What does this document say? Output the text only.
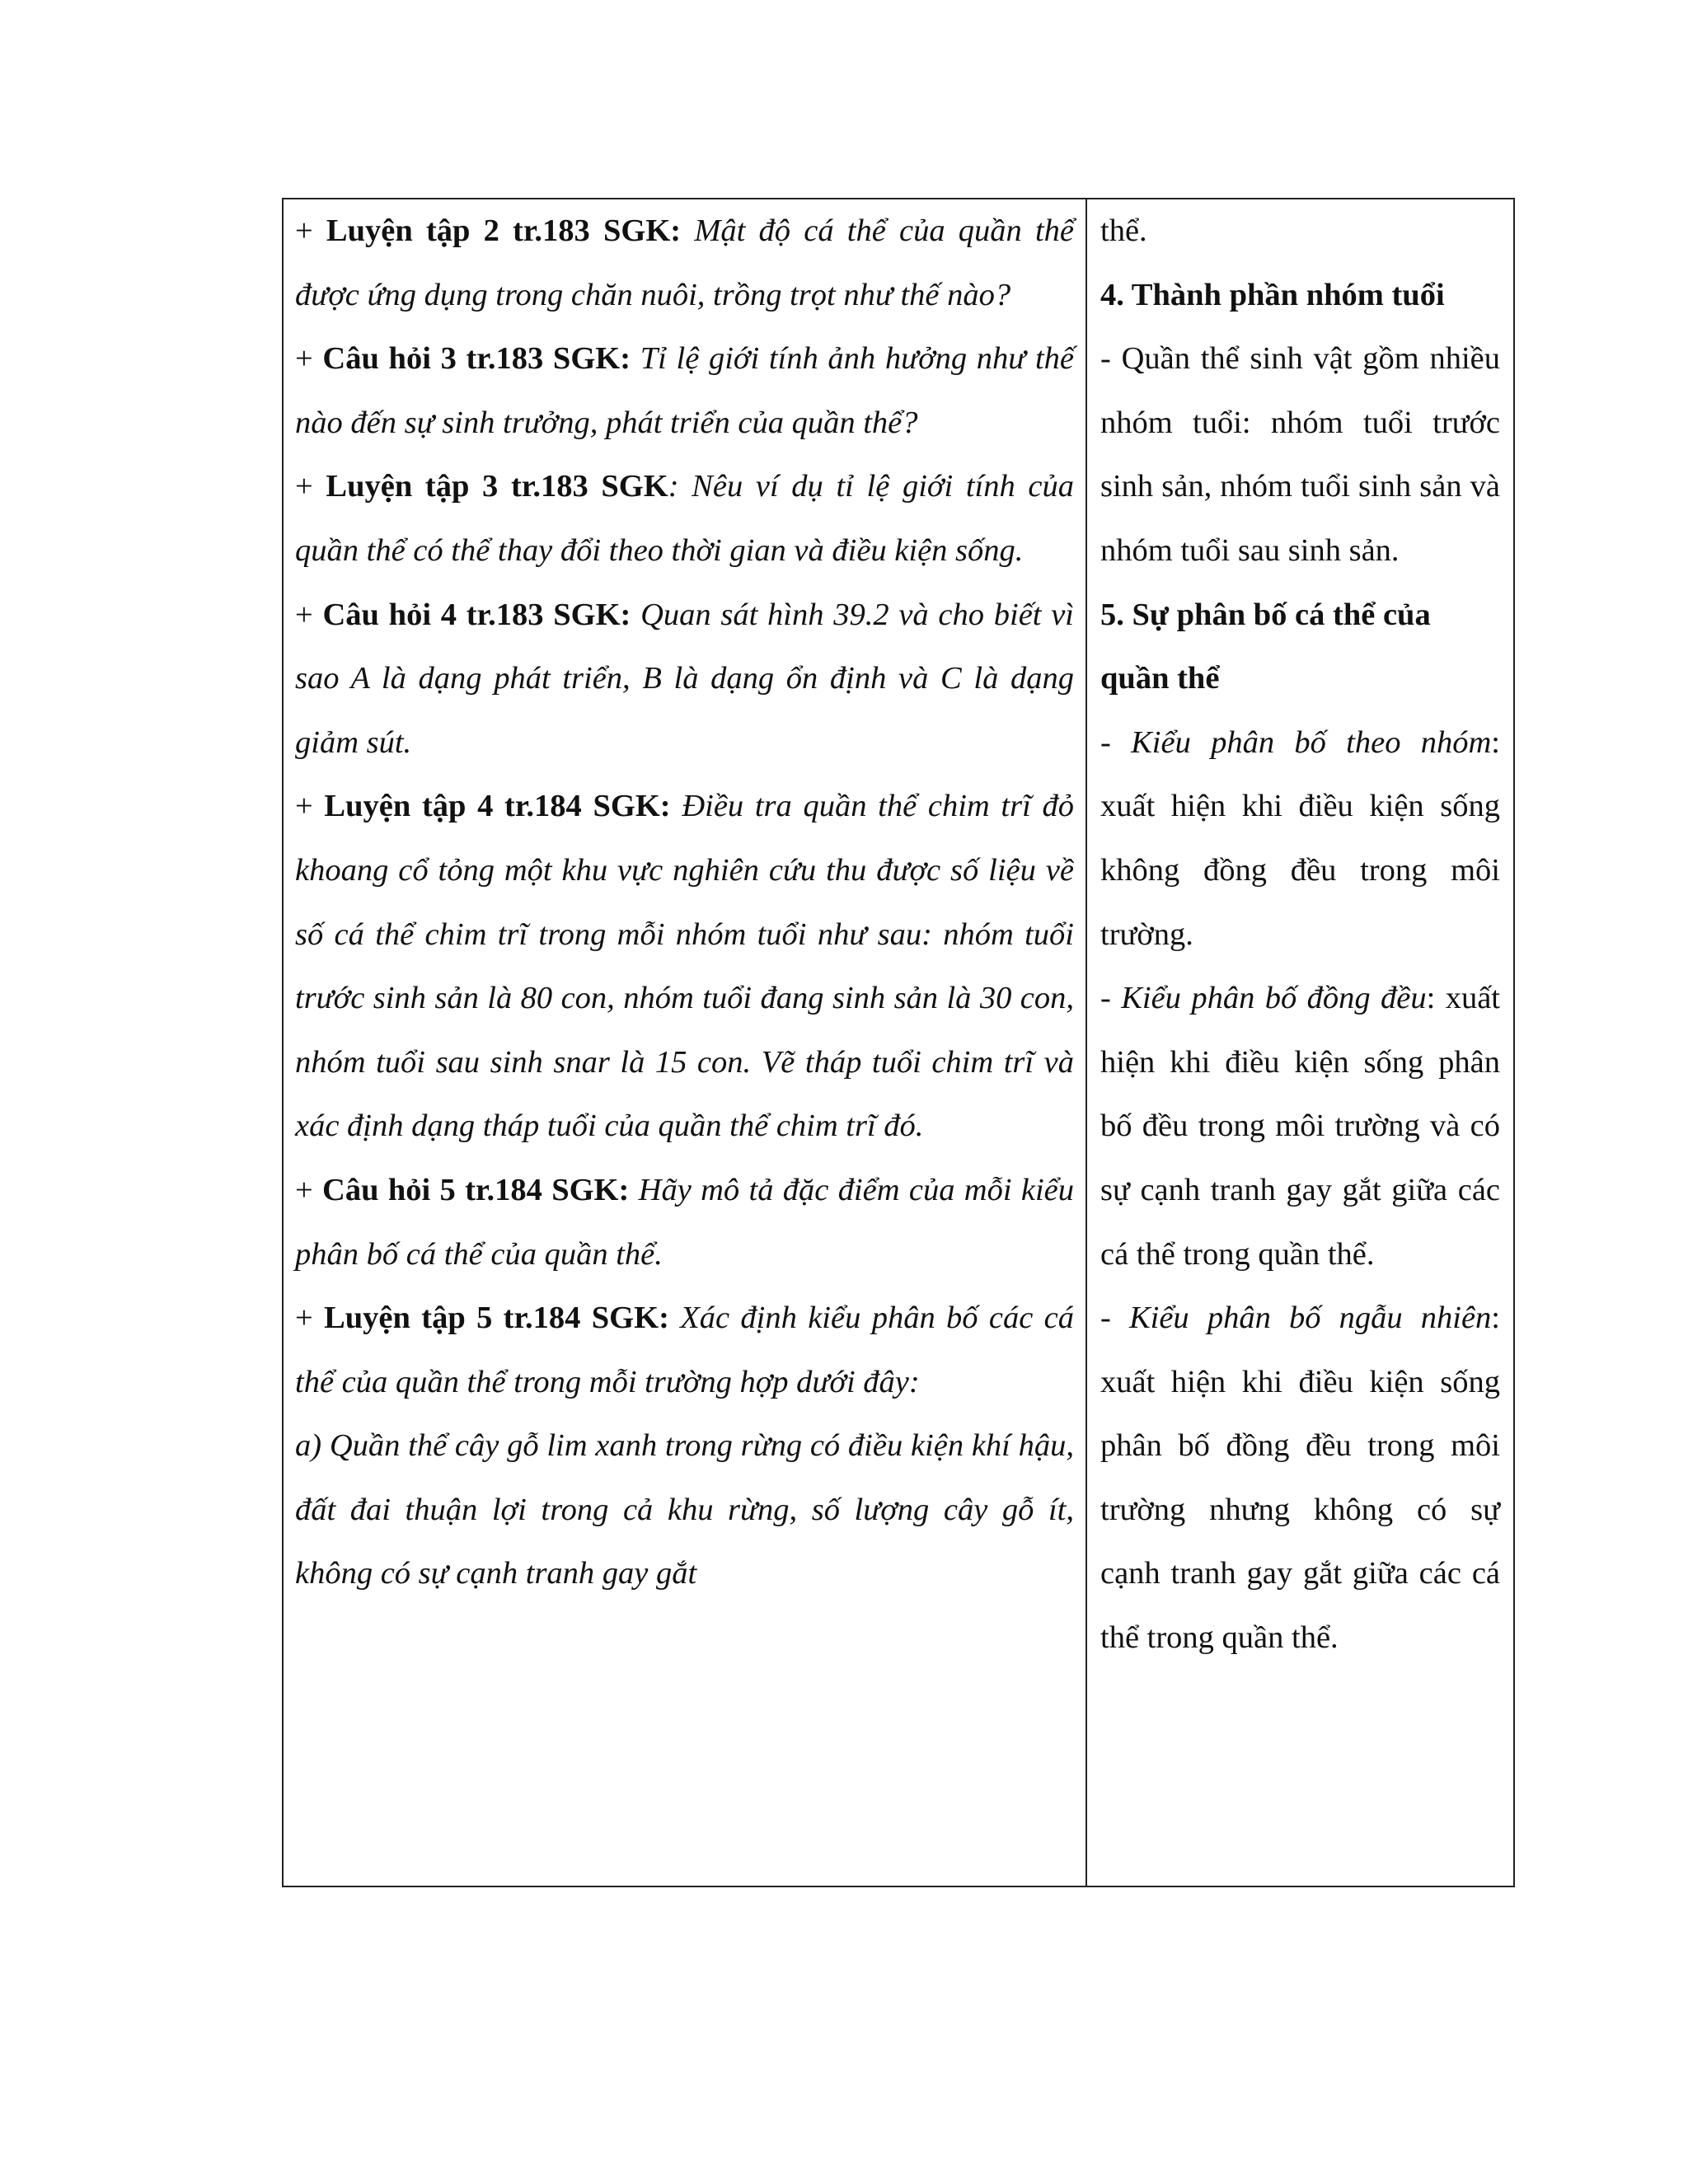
+ Luyện tập 2 tr.183 SGK: Mật độ cá thể của quần thể được ứng dụng trong chăn nuôi, trồng trọt như thế nào?

+ Câu hỏi 3 tr.183 SGK: Tỉ lệ giới tính ảnh hưởng như thế nào đến sự sinh trưởng, phát triển của quần thể?

+ Luyện tập 3 tr.183 SGK: Nêu ví dụ tỉ lệ giới tính của quần thể có thể thay đổi theo thời gian và điều kiện sống.

+ Câu hỏi 4 tr.183 SGK: Quan sát hình 39.2 và cho biết vì sao A là dạng phát triển, B là dạng ổn định và C là dạng giảm sút.

+ Luyện tập 4 tr.184 SGK: Điều tra quần thể chim trĩ đỏ khoang cổ tỏng một khu vực nghiên cứu thu được số liệu về số cá thể chim trĩ trong mỗi nhóm tuổi như sau: nhóm tuổi trước sinh sản là 80 con, nhóm tuổi đang sinh sản là 30 con, nhóm tuổi sau sinh snar là 15 con. Vẽ tháp tuổi chim trĩ và xác định dạng tháp tuổi của quần thể chim trĩ đó.

+ Câu hỏi 5 tr.184 SGK: Hãy mô tả đặc điểm của mỗi kiểu phân bố cá thể của quần thể.

+ Luyện tập 5 tr.184 SGK: Xác định kiểu phân bố các cá thể của quần thể trong mỗi trường hợp dưới đây:

a) Quần thể cây gỗ lim xanh trong rừng có điều kiện khí hậu, đất đai thuận lợi trong cả khu rừng, số lượng cây gỗ ít, không có sự cạnh tranh gay gắt

thể.

4. Thành phần nhóm tuổi

- Quần thể sinh vật gồm nhiều nhóm tuổi: nhóm tuổi trước sinh sản, nhóm tuổi sinh sản và nhóm tuổi sau sinh sản.

5. Sự phân bố cá thể của quần thể

- Kiểu phân bố theo nhóm: xuất hiện khi điều kiện sống không đồng đều trong môi trường.

- Kiểu phân bố đồng đều: xuất hiện khi điều kiện sống phân bố đều trong môi trường và có sự cạnh tranh gay gắt giữa các cá thể trong quần thể.

- Kiểu phân bố ngẫu nhiên: xuất hiện khi điều kiện sống phân bố đồng đều trong môi trường nhưng không có sự cạnh tranh gay gắt giữa các cá thể trong quần thể.
